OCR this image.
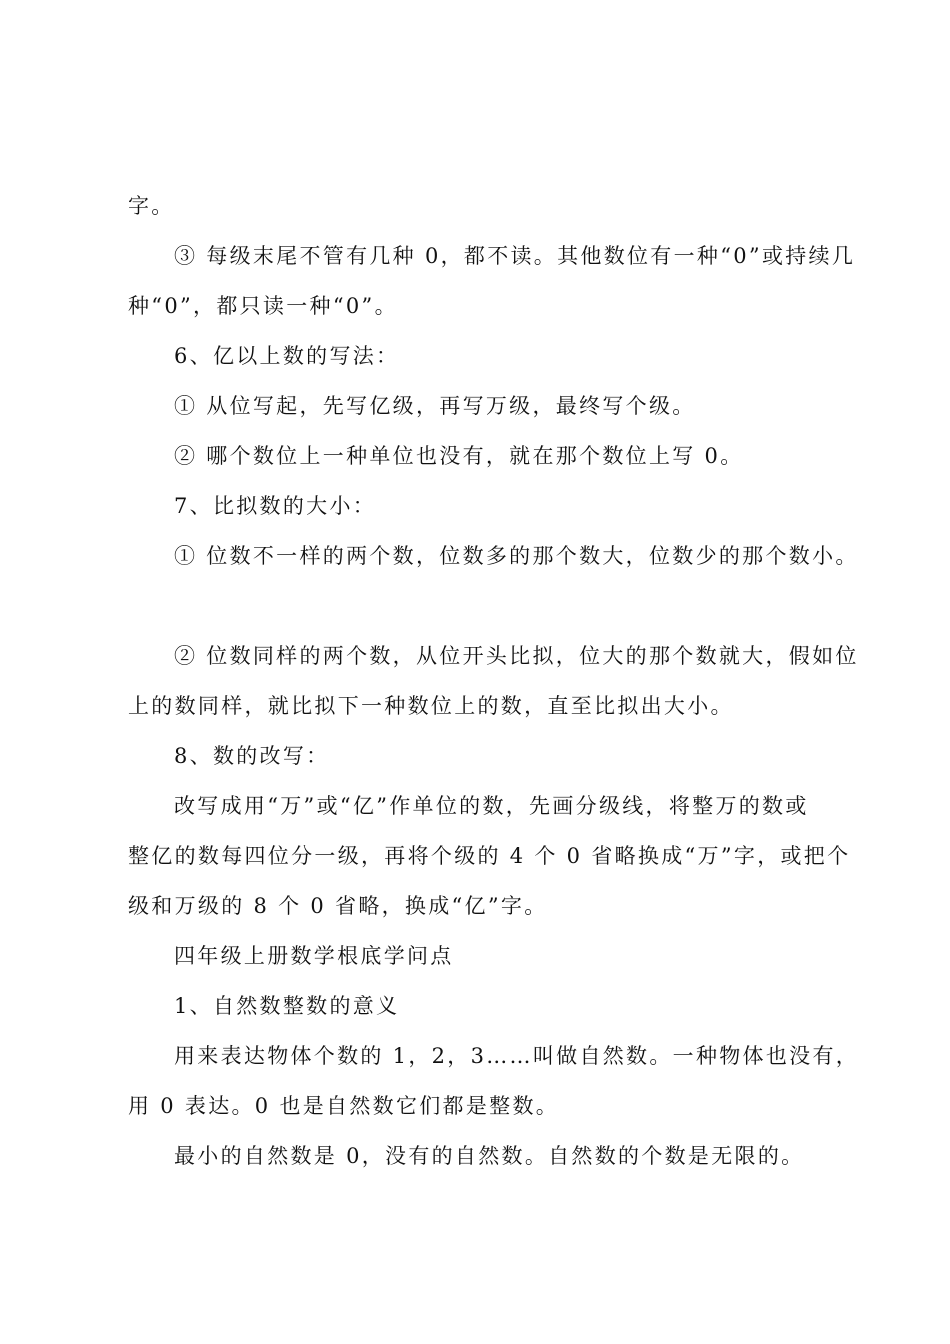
字。
③ 每级末尾不管有几种 0，都不读。其他数位有一种“0”或持续几
种“0”，都只读一种“0”。
6、亿以上数的写法：
① 从位写起，先写亿级，再写万级，最终写个级。
② 哪个数位上一种单位也没有，就在那个数位上写 0。
7、比拟数的大小：
① 位数不一样的两个数，位数多的那个数大，位数少的那个数小。
② 位数同样的两个数，从位开头比拟，位大的那个数就大，假如位
上的数同样，就比拟下一种数位上的数，直至比拟出大小。
8、数的改写：
改写成用“万”或“亿”作单位的数，先画分级线，将整万的数或
整亿的数每四位分一级，再将个级的 4 个 0 省略换成“万”字，或把个
级和万级的 8 个 0 省略，换成“亿”字。
四年级上册数学根底学问点
1、自然数整数的意义
用来表达物体个数的 1，2，3……叫做自然数。一种物体也没有，
用 0 表达。0 也是自然数它们都是整数。
最小的自然数是 0，没有的自然数。自然数的个数是无限的。
